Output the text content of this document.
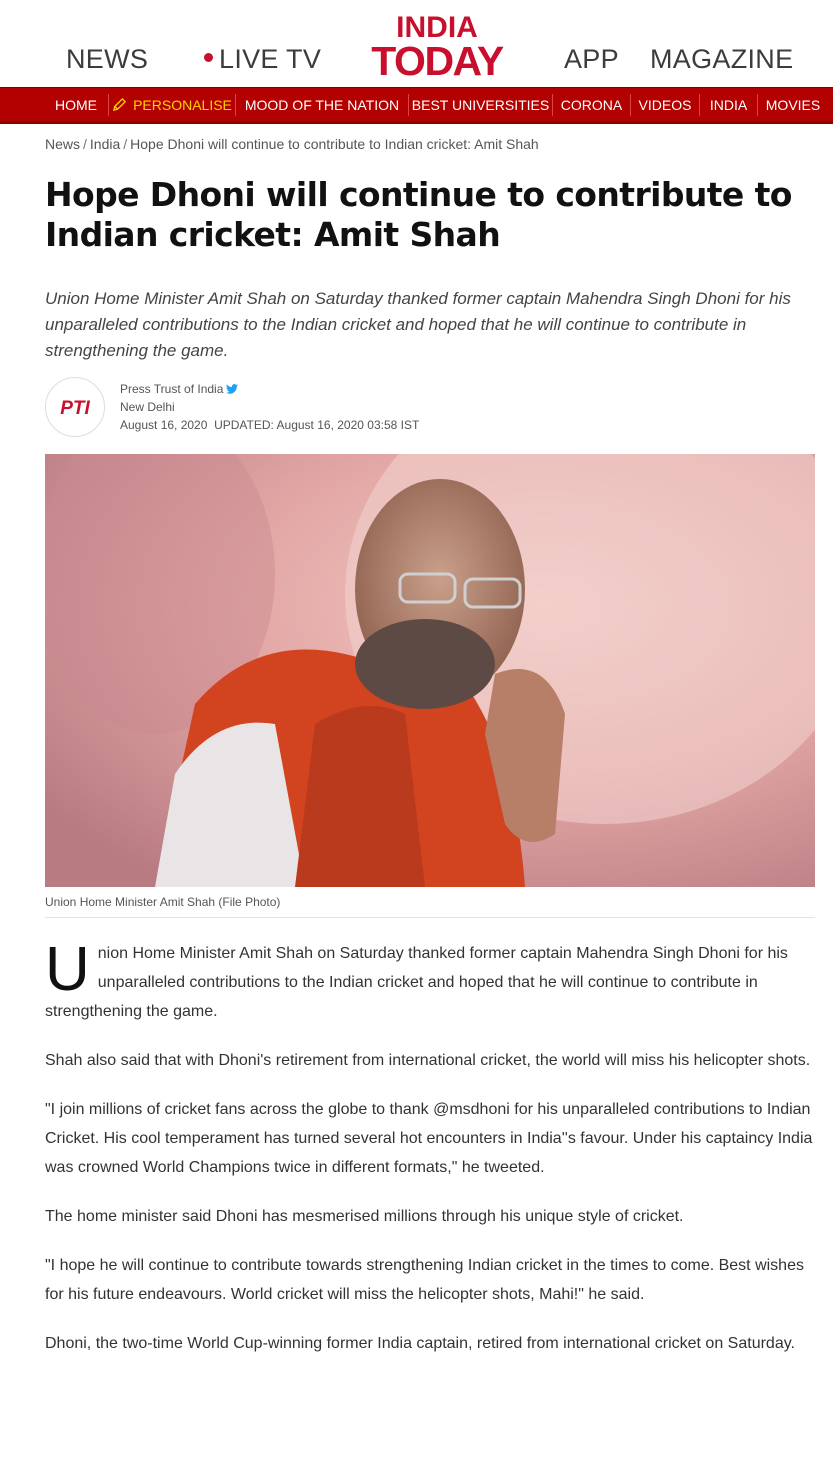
NEWS	LIVE TV
INDIA
TODAY	APP MAGAZINE
HOME	PERSONALISE MOOD OF THE NATION BEST UNIVERSITIES CORONA	VIDEOS	INDIA	MOVIES
News / India / Hope Dhoni will continue to contribute to Indian cricket: Amit Shah
Hope Dhoni will continue to contribute to Indian cricket: Amit Shah

Union Home Minister Amit Shah on Saturday thanked former captain Mahendra Singh Dhoni for his unparalleled contributions to the Indian cricket and hoped that he will continue to contribute in strengthening the game.

PTI
Press Trust of India
New Delhi
August 16, 2020 UPDATED: August 16, 2020 03:58 IST
Union Home Minister Amit Shah (File Photo)

Union Home Minister Amit Shah on Saturday thanked former captain Mahendra Singh Dhoni for his unparalleled contributions to the Indian cricket and hoped that he will continue to contribute in strengthening the game.

Shah also said that with Dhoni's retirement from international cricket, the world will miss his helicopter shots.

"I join millions of cricket fans across the globe to thank @msdhoni for his unparalleled contributions to Indian Cricket. His cool temperament has turned several hot encounters in India''s favour. Under his captaincy India was crowned World Champions twice in different formats," he tweeted.

The home minister said Dhoni has mesmerised millions through his unique style of cricket.

"I hope he will continue to contribute towards strengthening Indian cricket in the times to come. Best wishes for his future endeavours. World cricket will miss the helicopter shots, Mahi!" he said.

Dhoni, the two-time World Cup-winning former India captain, retired from international cricket on Saturday.
